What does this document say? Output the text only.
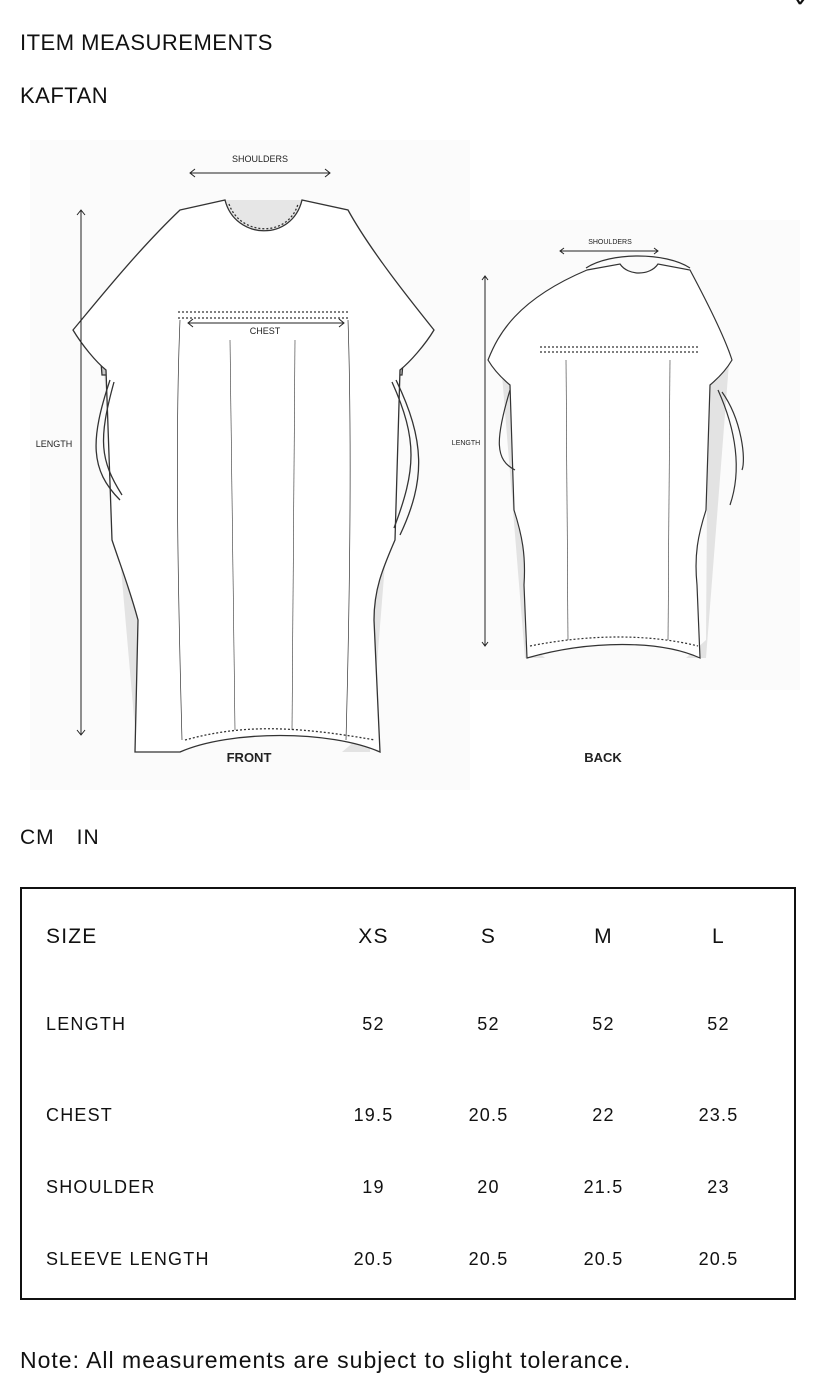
ITEM MEASUREMENTS
KAFTAN
SHOULDERS
CHEST
LENGTH
FRONT
SHOULDERS
LENGTH
BACK
CM IN
SIZE	XS	S	M	L
LENGTH	52	52	52	52
CHEST	19.5	20.5	22	23.5
SHOULDER	19	20	21.5	23
SLEEVE LENGTH	20.5	20.5	20.5	20.5

Note: All measurements are subject to slight tolerance.
